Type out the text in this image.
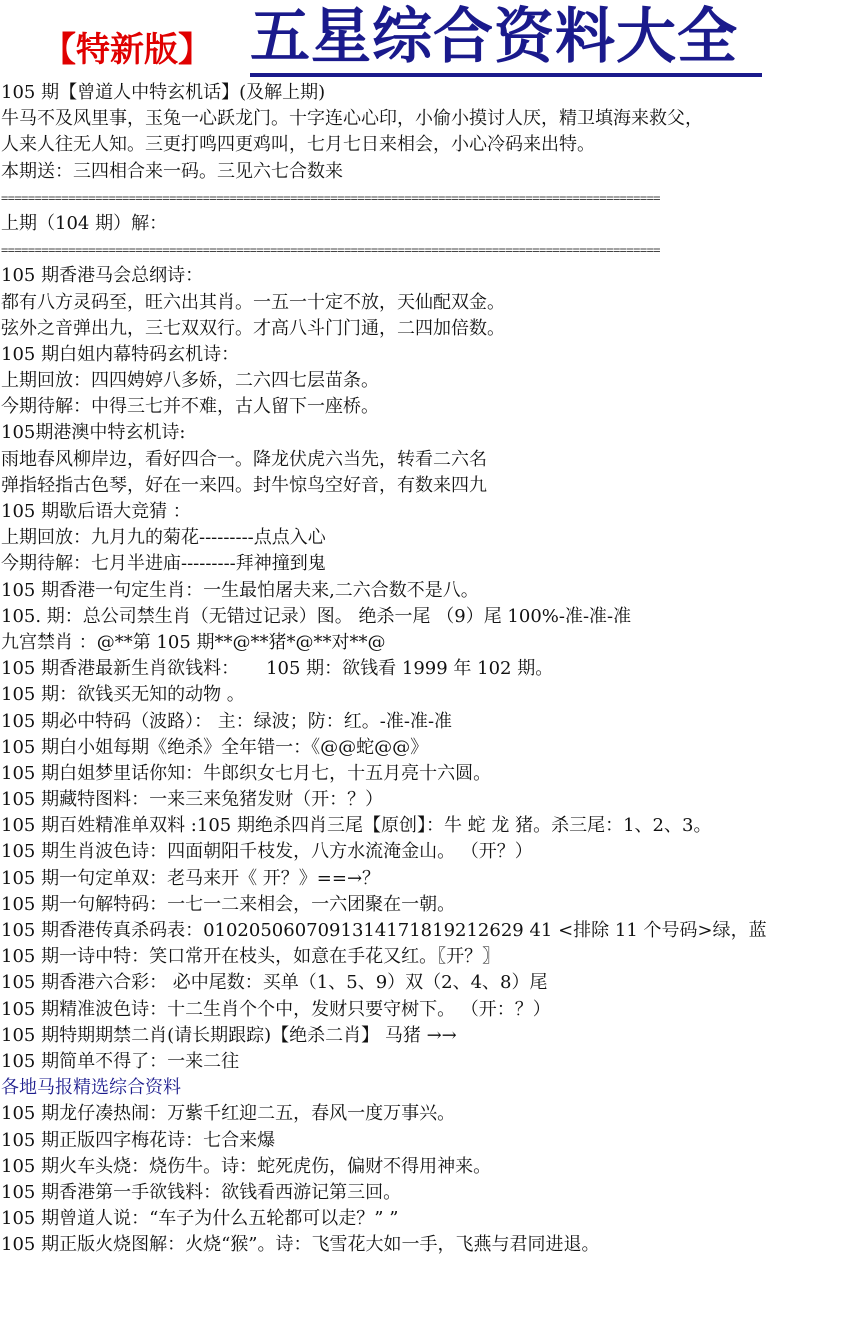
【特新版】 五星综合资料大全
105 期【曾道人中特玄机话】(及解上期)
牛马不及风里事，玉兔一心跃龙门。十字连心心印，小偷小摸讨人厌，精卫填海来救父，
人来人往无人知。三更打鸣四更鸡叫，七月七日来相会，小心冷码来出特。
本期送：三四相合来一码。三见六七合数来
==================================================================================================
上期（104 期）解：
==================================================================================================
105 期香港马会总纲诗：
都有八方灵码至，旺六出其肖。一五一十定不放，天仙配双金。
弦外之音弹出九，三七双双行。才高八斗门门通，二四加倍数。
105 期白姐内幕特码玄机诗：
上期回放：四四娉婷八多娇，二六四七层苗条。
今期待解：中得三七并不难，古人留下一座桥。
105期港澳中特玄机诗:
雨地春风柳岸边，看好四合一。降龙伏虎六当先，转看二六名
弹指轻指古色琴，好在一来四。封牛惊鸟空好音，有数来四九
105 期歇后语大竞猜 ：
上期回放：九月九的菊花---------点点入心
今期待解：七月半进庙---------拜神撞到鬼
105 期香港一句定生肖：一生最怕屠夫来,二六合数不是八。
105. 期：总公司禁生肖（无错过记录）图。 绝杀一尾 （9）尾 100%-准-准-准
九宫禁肖 ：@**第 105 期**@**猪*@**对**@
105 期香港最新生肖欲钱料：　　105 期：欲钱看 1999 年 102 期。
105 期：欲钱买无知的动物 。
105 期必中特码（波路）： 主：绿波；防：红。-准-准-准
105 期白小姐每期《绝杀》全年错一：《@@蛇@@》
105 期白姐梦里话你知：牛郎织女七月七，十五月亮十六圆。
105 期藏特图料：一来三来兔猪发财（开：？）
105 期百姓精准单双料 :105 期绝杀四肖三尾【原创】：牛 蛇 龙 猪。杀三尾：1、2、3。
105 期生肖波色诗：四面朝阳千枝发，八方水流淹金山。 （开？）
105 期一句定单双：老马来开《 开？》==→？
105 期一句解特码：一七一二来相会，一六团聚在一朝。
105 期香港传真杀码表：0102050607091314171819212629 41 <排除 11 个号码>绿，蓝
105 期一诗中特：笑口常开在枝头，如意在手花又红。〖开？〗
105 期香港六合彩： 必中尾数：买单（1、5、9）双（2、4、8）尾
105 期精准波色诗：十二生肖个个中，发财只要守树下。 （开：？）
105 期特期期禁二肖(请长期跟踪)【绝杀二肖】 马猪 →→
105 期简单不得了：一来二往
各地马报精选综合资料
105 期龙仔凑热闹：万紫千红迎二五，春风一度万事兴。
105 期正版四字梅花诗：七合来爆
105 期火车头烧：烧伤牛。诗：蛇死虎伤，偏财不得用神来。
105 期香港第一手欲钱料：欲钱看西游记第三回。
105 期曾道人说：“车子为什么五轮都可以走？” ”
105 期正版火烧图解：火烧“猴”。诗：飞雪花大如一手，飞燕与君同进退。
